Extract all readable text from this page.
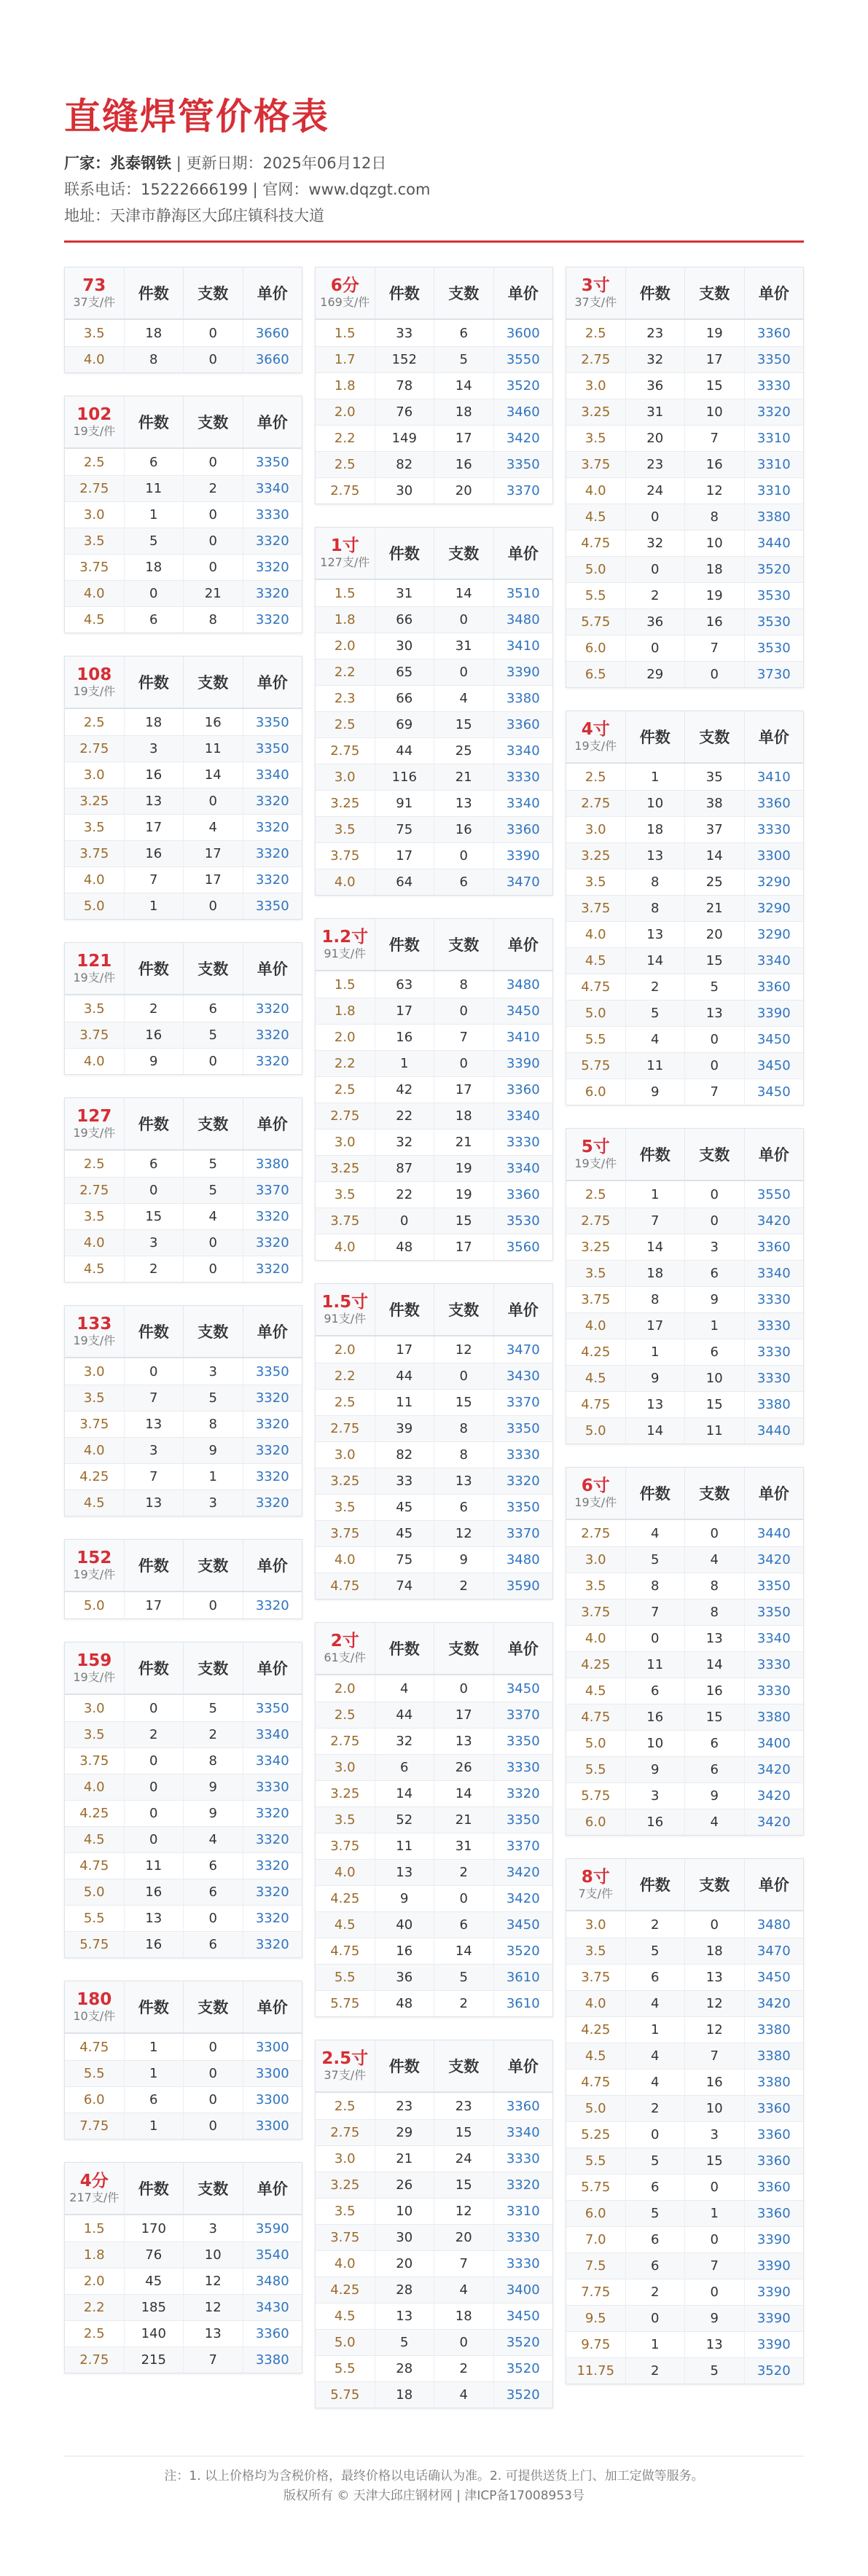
直缝焊管价格表
厂家：兆泰钢铁 | 更新日期：2025年06月12日
联系电话：15222666199 | 官网：www.dqzgt.com
地址：天津市静海区大邱庄镇科技大道
73
37支/件	件数	支数	单价
3.5	18	0	3660
4.0	8	0	3660
102
19支/件	件数	支数	单价
2.5	6	0	3350
2.75	11	2	3340
3.0	1	0	3330
3.5	5	0	3320
3.75	18	0	3320
4.0	0	21	3320
4.5	6	8	3320
108
19支/件	件数	支数	单价
2.5	18	16	3350
2.75	3	11	3350
3.0	16	14	3340
3.25	13	0	3320
3.5	17	4	3320
3.75	16	17	3320
4.0	7	17	3320
5.0	1	0	3350
121
19支/件	件数	支数	单价
3.5	2	6	3320
3.75	16	5	3320
4.0	9	0	3320
127
19支/件	件数	支数	单价
2.5	6	5	3380
2.75	0	5	3370
3.5	15	4	3320
4.0	3	0	3320
4.5	2	0	3320
133
19支/件	件数	支数	单价
3.0	0	3	3350
3.5	7	5	3320
3.75	13	8	3320
4.0	3	9	3320
4.25	7	1	3320
4.5	13	3	3320
152
19支/件	件数	支数	单价
5.0	17	0	3320
159
19支/件	件数	支数	单价
3.0	0	5	3350
3.5	2	2	3340
3.75	0	8	3340
4.0	0	9	3330
4.25	0	9	3320
4.5	0	4	3320
4.75	11	6	3320
5.0	16	6	3320
5.5	13	0	3320
5.75	16	6	3320
180
10支/件	件数	支数	单价
4.75	1	0	3300
5.5	1	0	3300
6.0	6	0	3300
7.75	1	0	3300
4分
217支/件	件数	支数	单价
1.5	170	3	3590
1.8	76	10	3540
2.0	45	12	3480
2.2	185	12	3430
2.5	140	13	3360
2.75	215	7	3380
6分
169支/件	件数	支数	单价
1.5	33	6	3600
1.7	152	5	3550
1.8	78	14	3520
2.0	76	18	3460
2.2	149	17	3420
2.5	82	16	3350
2.75	30	20	3370
1寸
127支/件	件数	支数	单价
1.5	31	14	3510
1.8	66	0	3480
2.0	30	31	3410
2.2	65	0	3390
2.3	66	4	3380
2.5	69	15	3360
2.75	44	25	3340
3.0	116	21	3330
3.25	91	13	3340
3.5	75	16	3360
3.75	17	0	3390
4.0	64	6	3470
1.2寸
91支/件	件数	支数	单价
1.5	63	8	3480
1.8	17	0	3450
2.0	16	7	3410
2.2	1	0	3390
2.5	42	17	3360
2.75	22	18	3340
3.0	32	21	3330
3.25	87	19	3340
3.5	22	19	3360
3.75	0	15	3530
4.0	48	17	3560
1.5寸
91支/件	件数	支数	单价
2.0	17	12	3470
2.2	44	0	3430
2.5	11	15	3370
2.75	39	8	3350
3.0	82	8	3330
3.25	33	13	3320
3.5	45	6	3350
3.75	45	12	3370
4.0	75	9	3480
4.75	74	2	3590
2寸
61支/件	件数	支数	单价
2.0	4	0	3450
2.5	44	17	3370
2.75	32	13	3350
3.0	6	26	3330
3.25	14	14	3320
3.5	52	21	3350
3.75	11	31	3370
4.0	13	2	3420
4.25	9	0	3420
4.5	40	6	3450
4.75	16	14	3520
5.5	36	5	3610
5.75	48	2	3610
2.5寸
37支/件	件数	支数	单价
2.5	23	23	3360
2.75	29	15	3340
3.0	21	24	3330
3.25	26	15	3320
3.5	10	12	3310
3.75	30	20	3330
4.0	20	7	3330
4.25	28	4	3400
4.5	13	18	3450
5.0	5	0	3520
5.5	28	2	3520
5.75	18	4	3520
3寸
37支/件	件数	支数	单价
2.5	23	19	3360
2.75	32	17	3350
3.0	36	15	3330
3.25	31	10	3320
3.5	20	7	3310
3.75	23	16	3310
4.0	24	12	3310
4.5	0	8	3380
4.75	32	10	3440
5.0	0	18	3520
5.5	2	19	3530
5.75	36	16	3530
6.0	0	7	3530
6.5	29	0	3730
4寸
19支/件	件数	支数	单价
2.5	1	35	3410
2.75	10	38	3360
3.0	18	37	3330
3.25	13	14	3300
3.5	8	25	3290
3.75	8	21	3290
4.0	13	20	3290
4.5	14	15	3340
4.75	2	5	3360
5.0	5	13	3390
5.5	4	0	3450
5.75	11	0	3450
6.0	9	7	3450
5寸
19支/件	件数	支数	单价
2.5	1	0	3550
2.75	7	0	3420
3.25	14	3	3360
3.5	18	6	3340
3.75	8	9	3330
4.0	17	1	3330
4.25	1	6	3330
4.5	9	10	3330
4.75	13	15	3380
5.0	14	11	3440
6寸
19支/件	件数	支数	单价
2.75	4	0	3440
3.0	5	4	3420
3.5	8	8	3350
3.75	7	8	3350
4.0	0	13	3340
4.25	11	14	3330
4.5	6	16	3330
4.75	16	15	3380
5.0	10	6	3400
5.5	9	6	3420
5.75	3	9	3420
6.0	16	4	3420
8寸
7支/件	件数	支数	单价
3.0	2	0	3480
3.5	5	18	3470
3.75	6	13	3450
4.0	4	12	3420
4.25	1	12	3380
4.5	4	7	3380
4.75	4	16	3380
5.0	2	10	3360
5.25	0	3	3360
5.5	5	15	3360
5.75	6	0	3360
6.0	5	1	3360
7.0	6	0	3390
7.5	6	7	3390
7.75	2	0	3390
9.5	0	9	3390
9.75	1	13	3390
11.75	2	5	3520
注：1. 以上价格均为含税价格，最终价格以电话确认为准。2. 可提供送货上门、加工定做等服务。
版权所有 © 天津大邱庄钢材网 | 津ICP备17008953号
